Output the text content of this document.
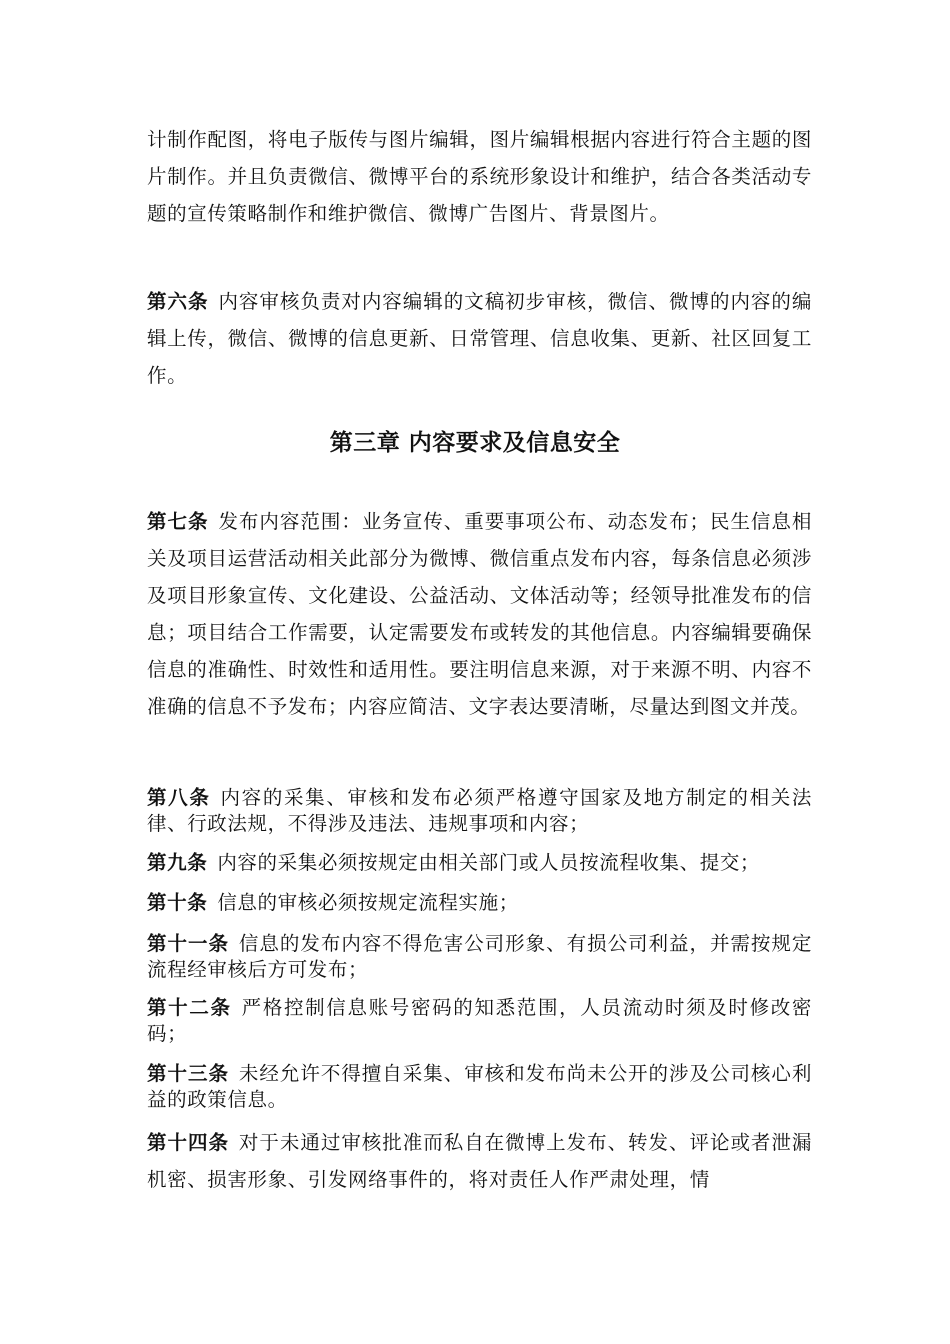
计制作配图，将电子版传与图片编辑，图片编辑根据内容进行符合主题的图片制作。并且负责微信、微博平台的系统形象设计和维护，结合各类活动专题的宣传策略制作和维护微信、微博广告图片、背景图片。

第六条 内容审核负责对内容编辑的文稿初步审核，微信、微博的内容的编辑上传，微信、微博的信息更新、日常管理、信息收集、更新、社区回复工作。

第三章 内容要求及信息安全

第七条 发布内容范围：业务宣传、重要事项公布、动态发布；民生信息相关及项目运营活动相关此部分为微博、微信重点发布内容，每条信息必须涉及项目形象宣传、文化建设、公益活动、文体活动等；经领导批准发布的信息；项目结合工作需要，认定需要发布或转发的其他信息。内容编辑要确保信息的准确性、时效性和适用性。要注明信息来源，对于来源不明、内容不准确的信息不予发布；内容应简洁、文字表达要清晰，尽量达到图文并茂。

第八条 内容的采集、审核和发布必须严格遵守国家及地方制定的相关法律、行政法规，不得涉及违法、违规事项和内容；

第九条 内容的采集必须按规定由相关部门或人员按流程收集、提交；

第十条 信息的审核必须按规定流程实施；

第十一条 信息的发布内容不得危害公司形象、有损公司利益，并需按规定流程经审核后方可发布；

第十二条 严格控制信息账号密码的知悉范围，人员流动时须及时修改密码；

第十三条 未经允许不得擅自采集、审核和发布尚未公开的涉及公司核心利益的政策信息。

第十四条 对于未通过审核批准而私自在微博上发布、转发、评论或者泄漏机密、损害形象、引发网络事件的，将对责任人作严肃处理，情
